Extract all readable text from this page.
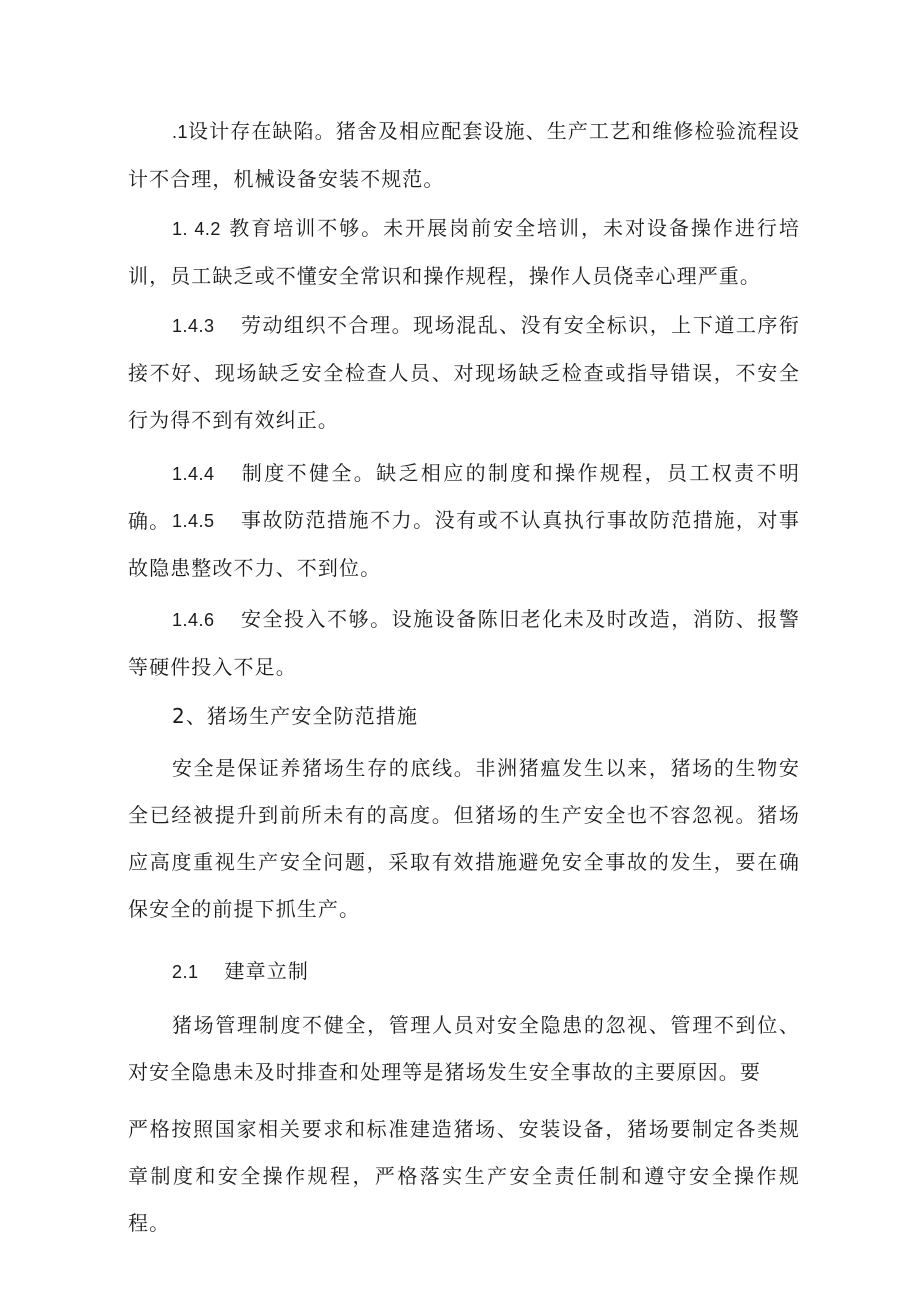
.1设计存在缺陷。猪舍及相应配套设施、生产工艺和维修检验流程设计不合理，机械设备安装不规范。

1. 4.2 教育培训不够。未开展岗前安全培训，未对设备操作进行培训，员工缺乏或不懂安全常识和操作规程，操作人员侥幸心理严重。

1.4.3 劳动组织不合理。现场混乱、没有安全标识，上下道工序衔接不好、现场缺乏安全检查人员、对现场缺乏检查或指导错误，不安全行为得不到有效纠正。

1.4.4 制度不健全。缺乏相应的制度和操作规程，员工权责不明确。 1.4.5 事故防范措施不力。没有或不认真执行事故防范措施，对事故隐患整改不力、不到位。

1.4.6 安全投入不够。设施设备陈旧老化未及时改造，消防、报警等硬件投入不足。

2、猪场生产安全防范措施

安全是保证养猪场生存的底线。非洲猪瘟发生以来，猪场的生物安全已经被提升到前所未有的高度。但猪场的生产安全也不容忽视。猪场应高度重视生产安全问题，采取有效措施避免安全事故的发生，要在确保安全的前提下抓生产。

2.1 建章立制

猪场管理制度不健全，管理人员对安全隐患的忽视、管理不到位、对安全隐患未及时排查和处理等是猪场发生安全事故的主要原因。要

严格按照国家相关要求和标准建造猪场、安装设备，猪场要制定各类规章制度和安全操作规程，严格落实生产安全责任制和遵守安全操作规程。
